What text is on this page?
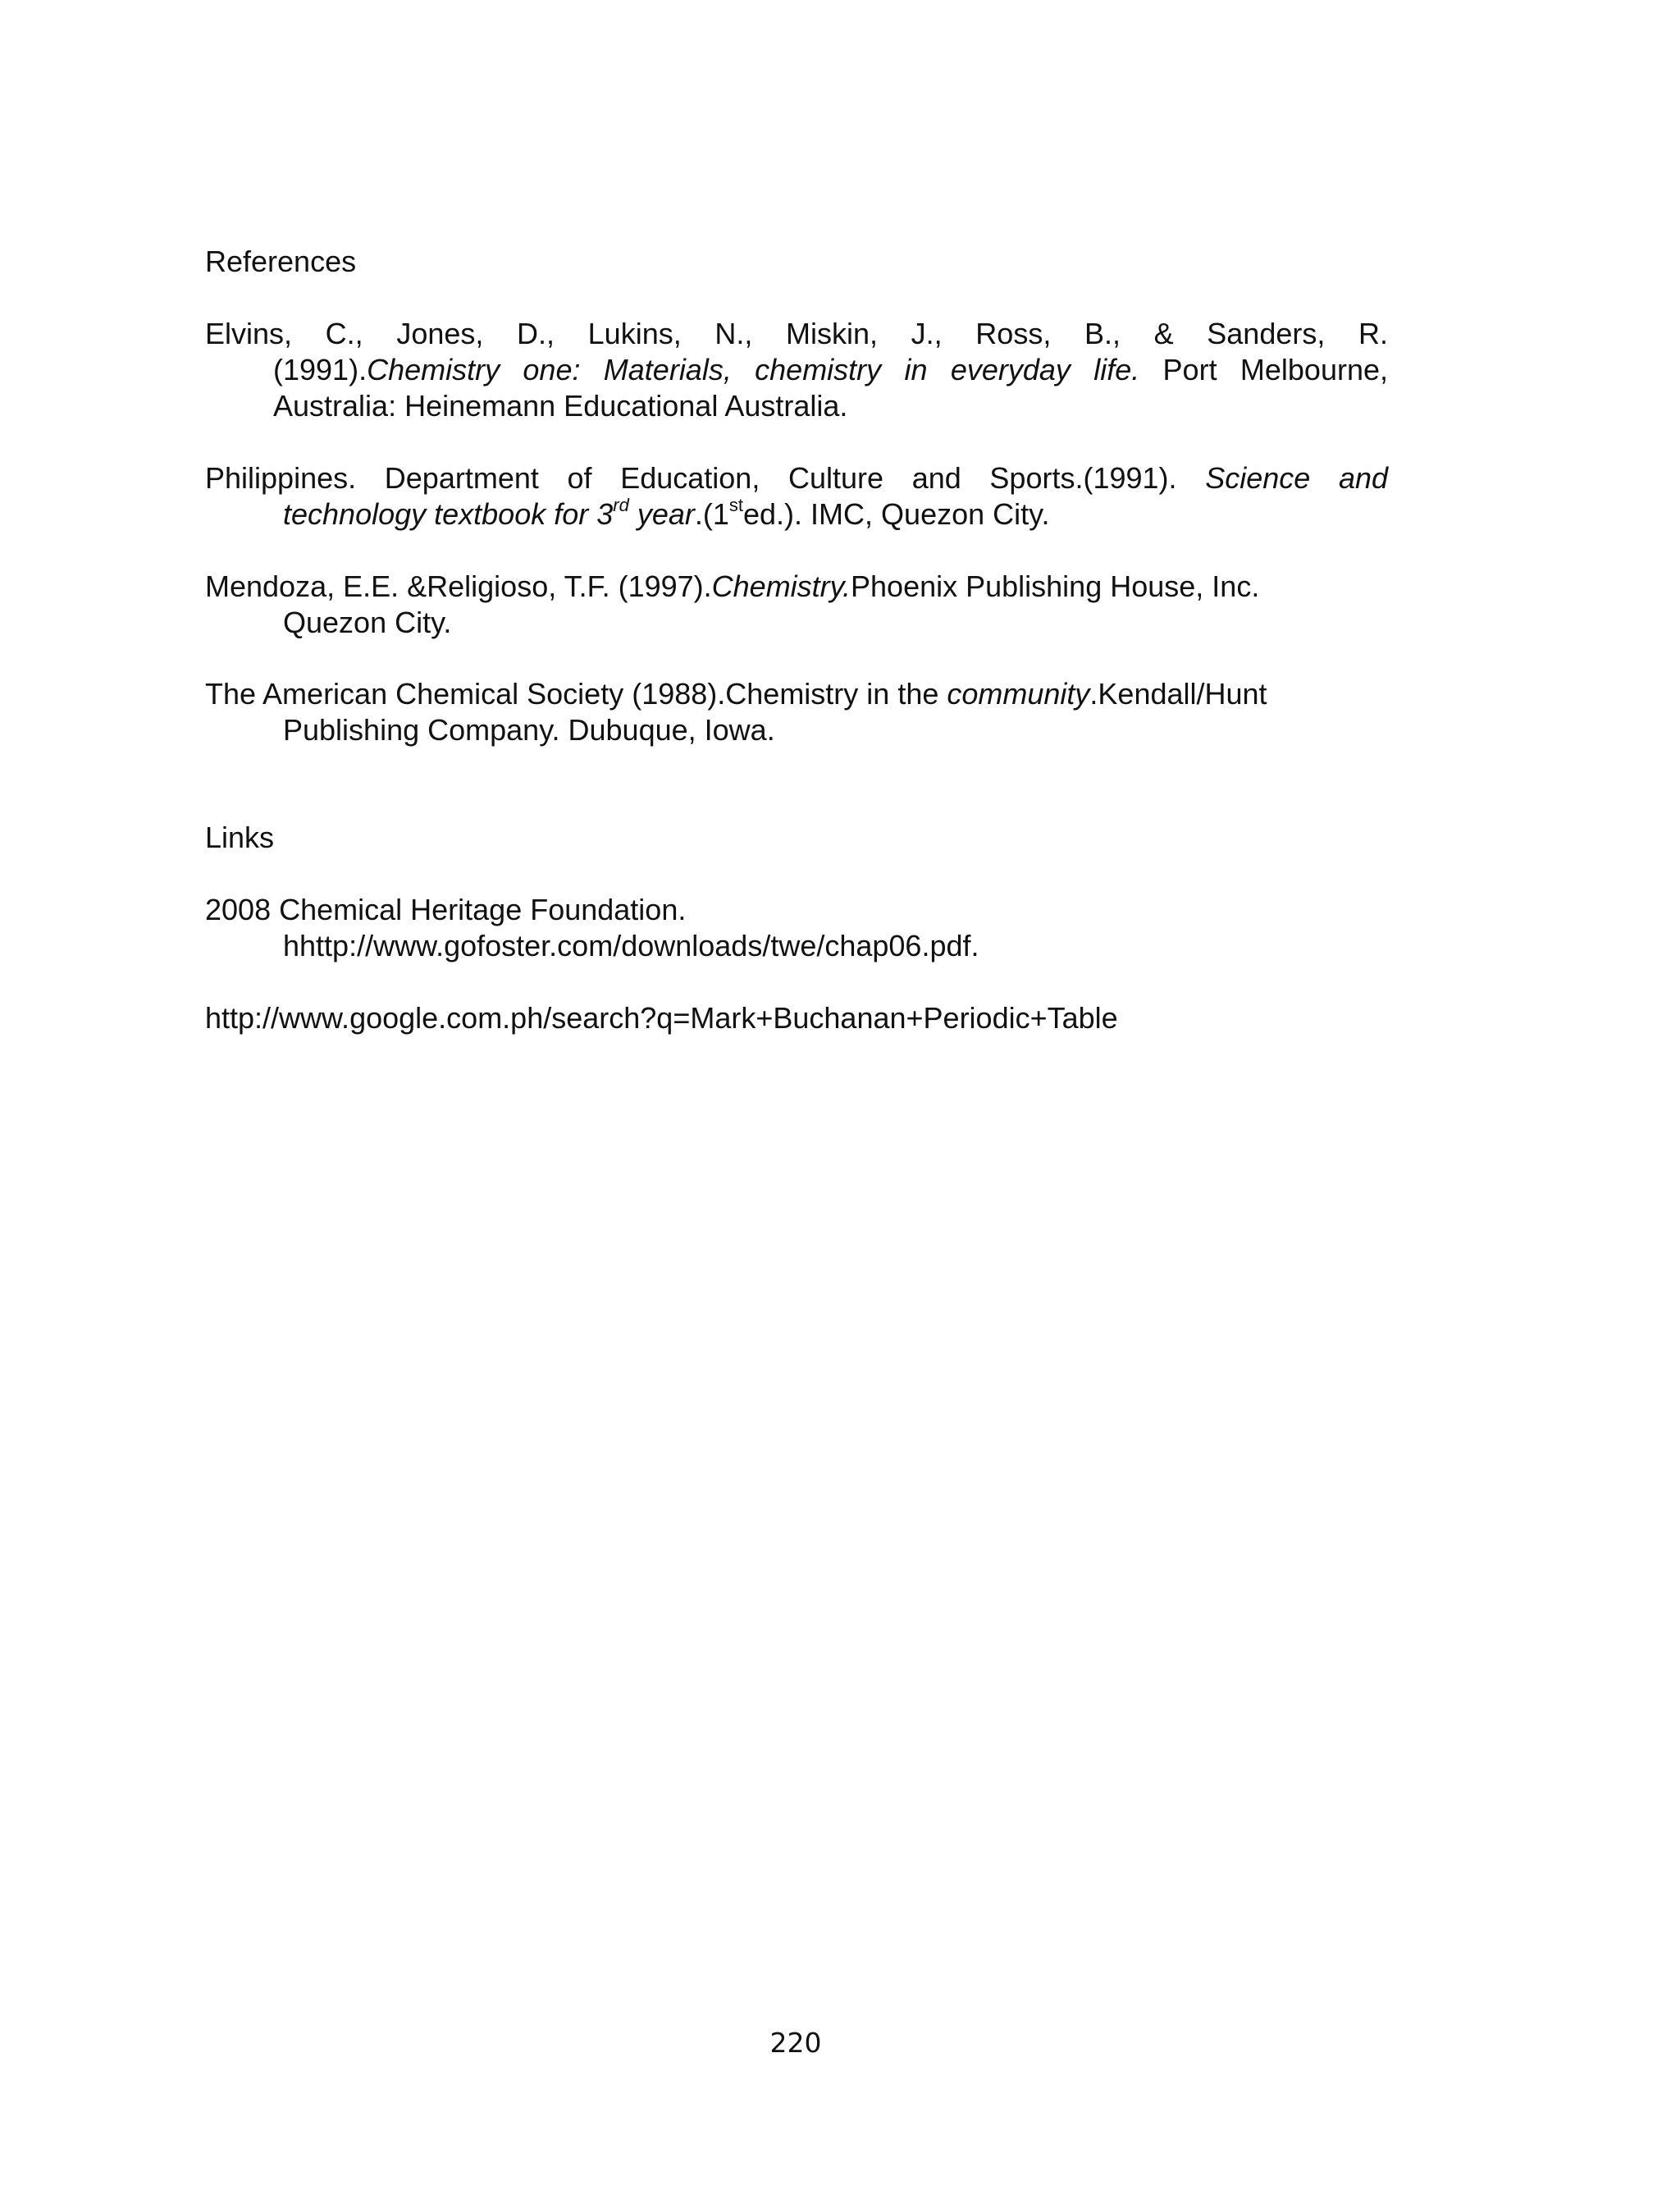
References
Elvins, C., Jones, D., Lukins, N., Miskin, J., Ross, B., & Sanders, R.
(1991).Chemistry one: Materials, chemistry in everyday life. Port Melbourne,
Australia: Heinemann Educational Australia.
Philippines. Department of Education, Culture and Sports.(1991). Science and
technology textbook for 3rd year.(1sted.). IMC, Quezon City.
Mendoza, E.E. &Religioso, T.F. (1997).Chemistry.Phoenix Publishing House, Inc.
Quezon City.
The American Chemical Society (1988).Chemistry in the community.Kendall/Hunt
Publishing Company. Dubuque, Iowa.
Links
2008 Chemical Heritage Foundation.
hhttp://www.gofoster.com/downloads/twe/chap06.pdf.
http://www.google.com.ph/search?q=Mark+Buchanan+Periodic+Table
220
